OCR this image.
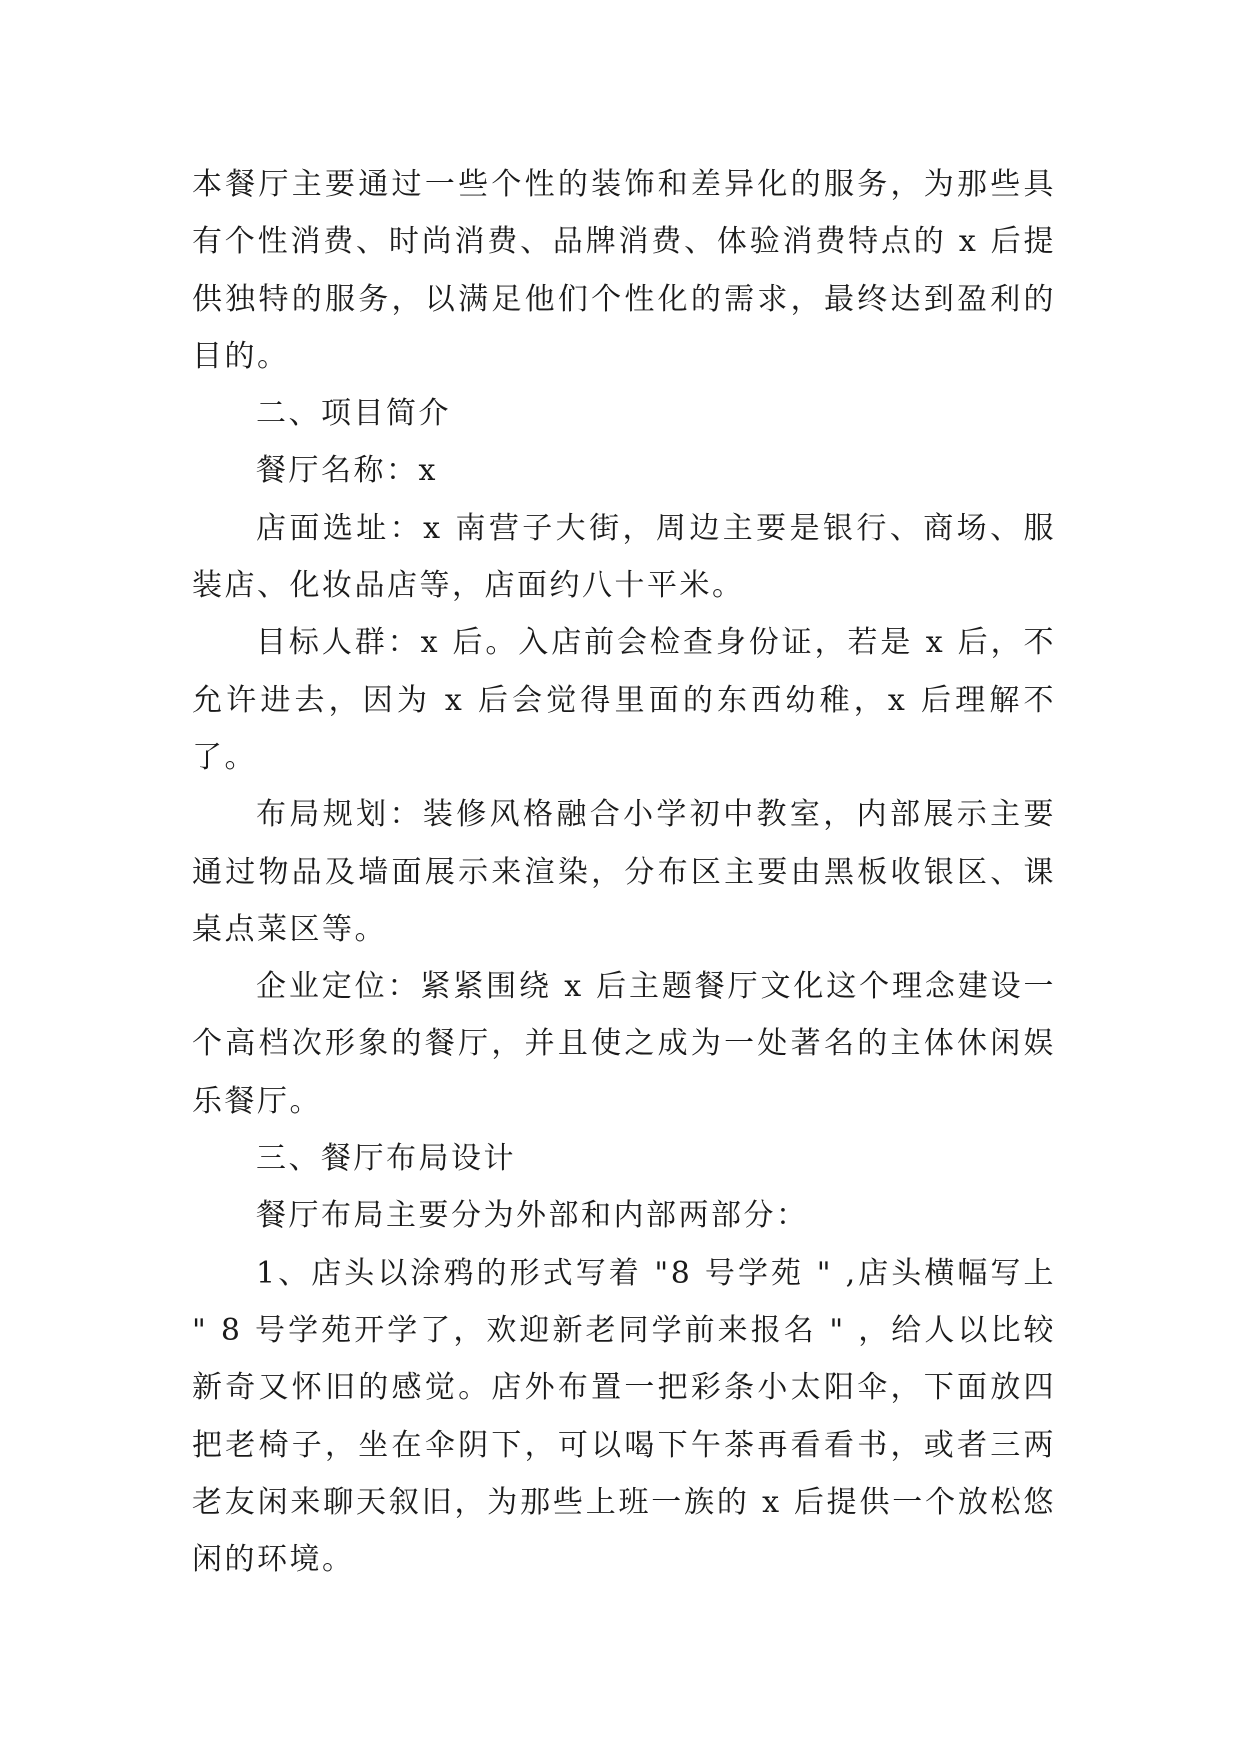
本餐厅主要通过一些个性的装饰和差异化的服务，为那些具有个性消费、时尚消费、品牌消费、体验消费特点的 x 后提供独特的服务，以满足他们个性化的需求，最终达到盈利的目的。

二、项目简介

餐厅名称：x

店面选址：x 南营子大街，周边主要是银行、商场、服装店、化妆品店等，店面约八十平米。

目标人群：x 后。入店前会检查身份证，若是 x 后，不允许进去，因为 x 后会觉得里面的东西幼稚，x 后理解不了。

布局规划：装修风格融合小学初中教室，内部展示主要通过物品及墙面展示来渲染，分布区主要由黑板收银区、课桌点菜区等。

企业定位：紧紧围绕 x 后主题餐厅文化这个理念建设一个高档次形象的餐厅，并且使之成为一处著名的主体休闲娱乐餐厅。

三、餐厅布局设计

餐厅布局主要分为外部和内部两部分：

1、店头以涂鸦的形式写着 "8 号学苑 " ,店头横幅写上 " 8 号学苑开学了，欢迎新老同学前来报名 " ，给人以比较新奇又怀旧的感觉。店外布置一把彩条小太阳伞，下面放四把老椅子，坐在伞阴下，可以喝下午茶再看看书，或者三两老友闲来聊天叙旧，为那些上班一族的 x 后提供一个放松悠闲的环境。
